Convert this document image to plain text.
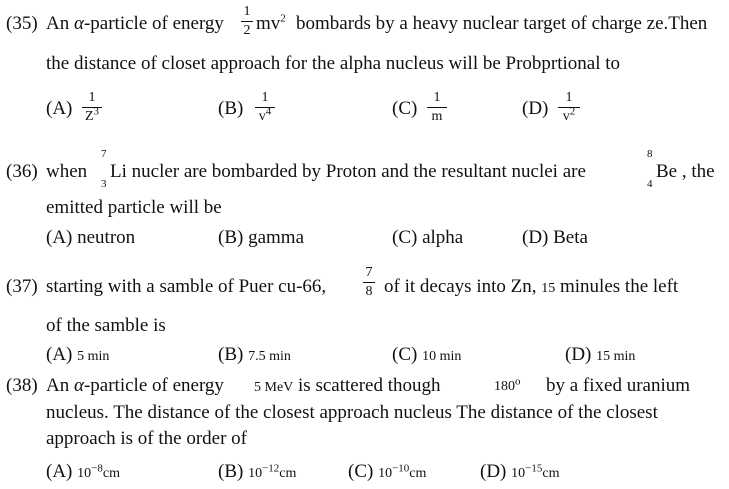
(35) An α-particle of energy
1
2 $mv^2$ bombards by a heavy nuclear target of charge ze.Then
the distance of closet approach for the alpha nucleus will be Probprtional to
(A)
1
$Z^3$	(B)
1
$v^4$	(C)
1
m	(D)
1
$v^2$
(36) when
7
3
Li nucler are bombarded by Proton and the resultant nuclei are
8
4
Be , the
emitted particle will be
(A) neutron	(B) gamma	(C) alpha	(D) Beta
(37) starting with a samble of Puer cu-66,
7
8 of it decays into Zn, 15 minules the left
of the samble is
(A) 5 min	(B) 7.5 min	(C) 10 min	(D) 15 min
(38) An α-particle of energy 5 MeV is scattered though	180$^o$ by a fixed uranium
nucleus. The distance of the closest approach nucleus The distance of the closest
approach is of the order of
(A) $10^{-8}cm$	(B) $10^{-12}cm$	(C) $10^{-10}cm$	(D) $10^{-15}cm$
